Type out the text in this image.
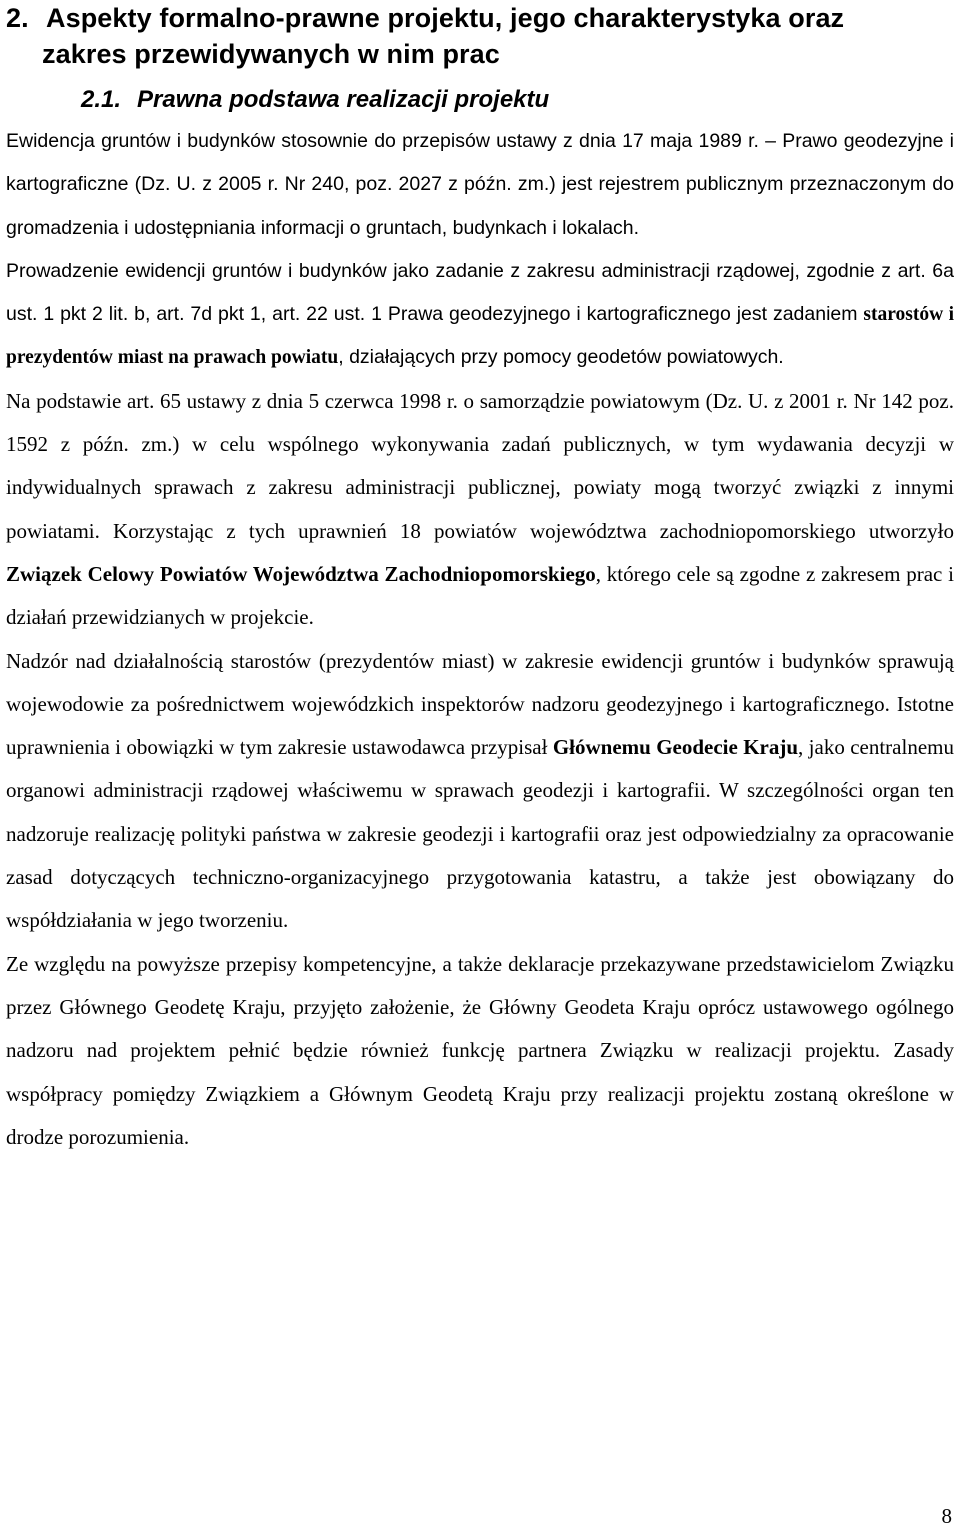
2. Aspekty formalno-prawne projektu, jego charakterystyka oraz
zakres przewidywanych w nim prac
2.1. Prawna podstawa realizacji projektu

Ewidencja gruntów i budynków stosownie do przepisów ustawy z dnia 17 maja 1989 r. – Prawo geodezyjne i kartograficzne (Dz. U. z 2005 r. Nr 240, poz. 2027 z późn. zm.) jest rejestrem publicznym przeznaczonym do gromadzenia i udostępniania informacji o gruntach, budynkach i lokalach.

Prowadzenie ewidencji gruntów i budynków jako zadanie z zakresu administracji rządowej, zgodnie z art. 6a ust. 1 pkt 2 lit. b, art. 7d pkt 1, art. 22 ust. 1 Prawa geodezyjnego i kartograficznego jest zadaniem starostów i prezydentów miast na prawach powiatu, działających przy pomocy geodetów powiatowych.

Na podstawie art. 65 ustawy z dnia 5 czerwca 1998 r. o samorządzie powiatowym (Dz. U. z 2001 r. Nr 142 poz. 1592 z późn. zm.) w celu wspólnego wykonywania zadań publicznych, w tym wydawania decyzji w indywidualnych sprawach z zakresu administracji publicznej, powiaty mogą tworzyć związki z innymi powiatami. Korzystając z tych uprawnień 18 powiatów województwa zachodniopomorskiego utworzyło Związek Celowy Powiatów Województwa Zachodniopomorskiego, którego cele są zgodne z zakresem prac i działań przewidzianych w projekcie.

Nadzór nad działalnością starostów (prezydentów miast) w zakresie ewidencji gruntów i budynków sprawują wojewodowie za pośrednictwem wojewódzkich inspektorów nadzoru geodezyjnego i kartograficznego. Istotne uprawnienia i obowiązki w tym zakresie ustawodawca przypisał Głównemu Geodecie Kraju, jako centralnemu organowi administracji rządowej właściwemu w sprawach geodezji i kartografii. W szczególności organ ten nadzoruje realizację polityki państwa w zakresie geodezji i kartografii oraz jest odpowiedzialny za opracowanie zasad dotyczących techniczno-organizacyjnego przygotowania katastru, a także jest obowiązany do współdziałania w jego tworzeniu.

Ze względu na powyższe przepisy kompetencyjne, a także deklaracje przekazywane przedstawicielom Związku przez Głównego Geodetę Kraju, przyjęto założenie, że Główny Geodeta Kraju oprócz ustawowego ogólnego nadzoru nad projektem pełnić będzie również funkcję partnera Związku w realizacji projektu. Zasady współpracy pomiędzy Związkiem a Głównym Geodetą Kraju przy realizacji projektu zostaną określone w drodze porozumienia.

8
